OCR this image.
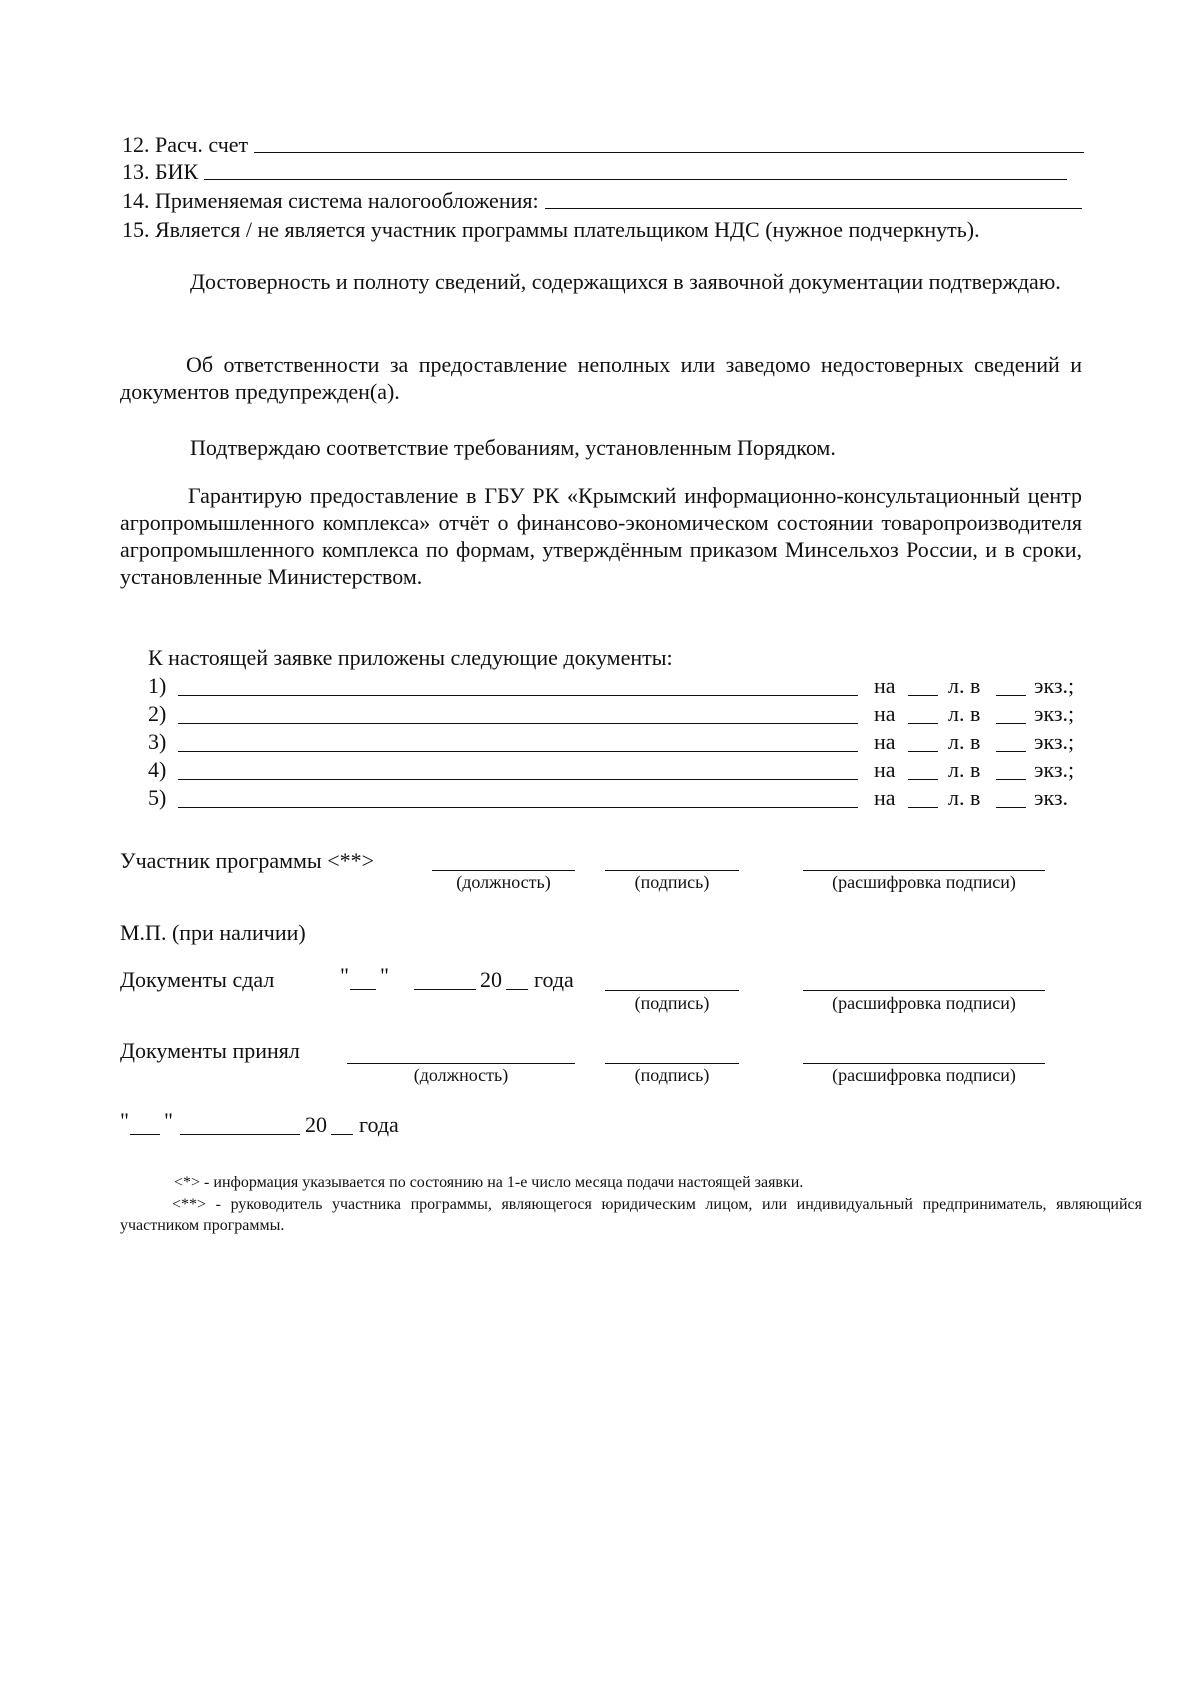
12. Расч. счет
13. БИК
14. Применяемая система налогообложения:
15. Является / не является участник программы плательщиком НДС (нужное подчеркнуть).
Достоверность и полноту сведений, содержащихся в заявочной документации подтверждаю.
Об ответственности за предоставление неполных или заведомо недостоверных сведений и документов предупрежден(а).
Подтверждаю соответствие требованиям, установленным Порядком.
Гарантирую предоставление в ГБУ РК «Крымский информационно-консультационный центр агропромышленного комплекса» отчёт о финансово-экономическом состоянии товаропроизводителя агропромышленного комплекса по формам, утверждённым приказом Минсельхоз России, и в сроки, установленные Министерством.
К настоящей заявке приложены следующие документы:
1)	на л. в экз.;
2)	на л. в экз.;
3)	на л. в экз.;
4)	на л. в экз.;
5)	на л. в экз.
Участник программы <**>
(должность)	(подпись)	(расшифровка подписи)
М.П. (при наличии)
Документы сдал	" "	20 года
(подпись)	(расшифровка подписи)
Документы принял
(должность)	(подпись)	(расшифровка подписи)
" "	20 года
<*> - информация указывается по состоянию на 1-е число месяца подачи настоящей заявки.
<**> - руководитель участника программы, являющегося юридическим лицом, или индивидуальный предприниматель, являющийся участником программы.
